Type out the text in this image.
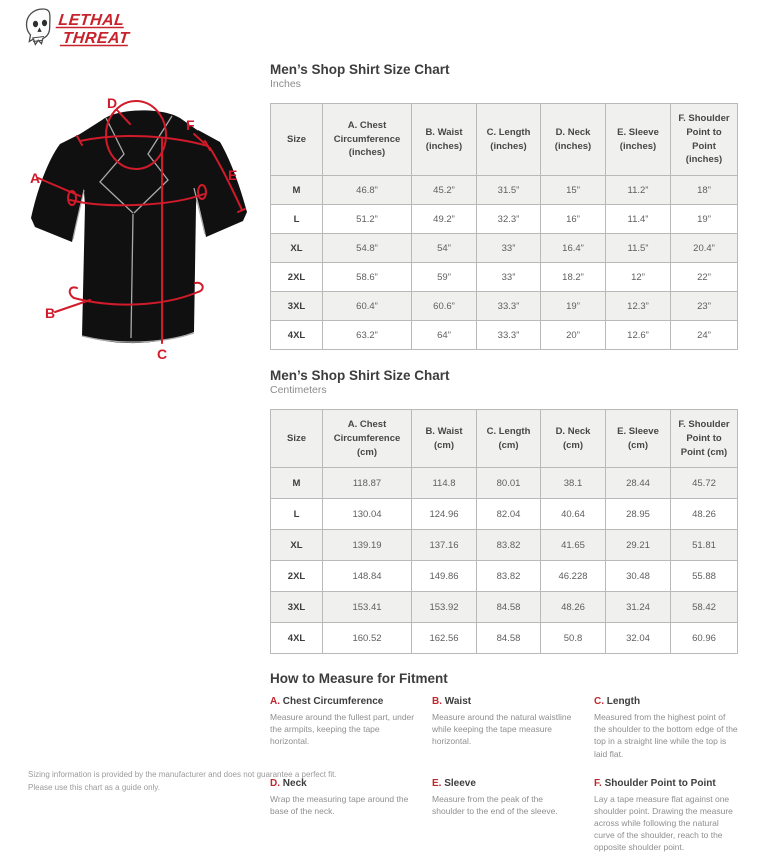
LETHAL
THREAT
A
B
C
D
E
F
Men’s Shop Shirt Size Chart
Inches
Size	A. Chest Circumference (inches)	B. Waist (inches)	C. Length (inches)	D. Neck (inches)	E. Sleeve (inches)	F. Shoulder Point to Point (inches)
M	46.8”	45.2”	31.5”	15”	11.2”	18”
L	51.2”	49.2”	32.3”	16”	11.4”	19”
XL	54.8”	54”	33”	16.4”	11.5”	20.4”
2XL	58.6”	59”	33”	18.2”	12”	22”
3XL	60.4”	60.6”	33.3”	19”	12.3”	23”
4XL	63.2”	64”	33.3”	20”	12.6”	24”
Men’s Shop Shirt Size Chart
Centimeters
Size	A. Chest Circumference (cm)	B. Waist (cm)	C. Length (cm)	D. Neck (cm)	E. Sleeve (cm)	F. Shoulder Point to Point (cm)
M	118.87	114.8	80.01	38.1	28.44	45.72
L	130.04	124.96	82.04	40.64	28.95	48.26
XL	139.19	137.16	83.82	41.65	29.21	51.81
2XL	148.84	149.86	83.82	46.228	30.48	55.88
3XL	153.41	153.92	84.58	48.26	31.24	58.42
4XL	160.52	162.56	84.58	50.8	32.04	60.96
How to Measure for Fitment
A. Chest Circumference
Measure around the fullest part, under the armpits, keeping the tape horizontal.
B. Waist
Measure around the natural waistline while keeping the tape measure horizontal.
C. Length
Measured from the highest point of the shoulder to the bottom edge of the top in a straight line while the top is laid flat.
D. Neck
Wrap the measuring tape around the base of the neck.
E. Sleeve
Measure from the peak of the shoulder to the end of the sleeve.
F. Shoulder Point to Point
Lay a tape measure flat against one shoulder point. Drawing the measure across while following the natural curve of the shoulder, reach to the opposite shoulder point.
Sizing information is provided by the manufacturer and does not guarantee a perfect fit.
Please use this chart as a guide only.
